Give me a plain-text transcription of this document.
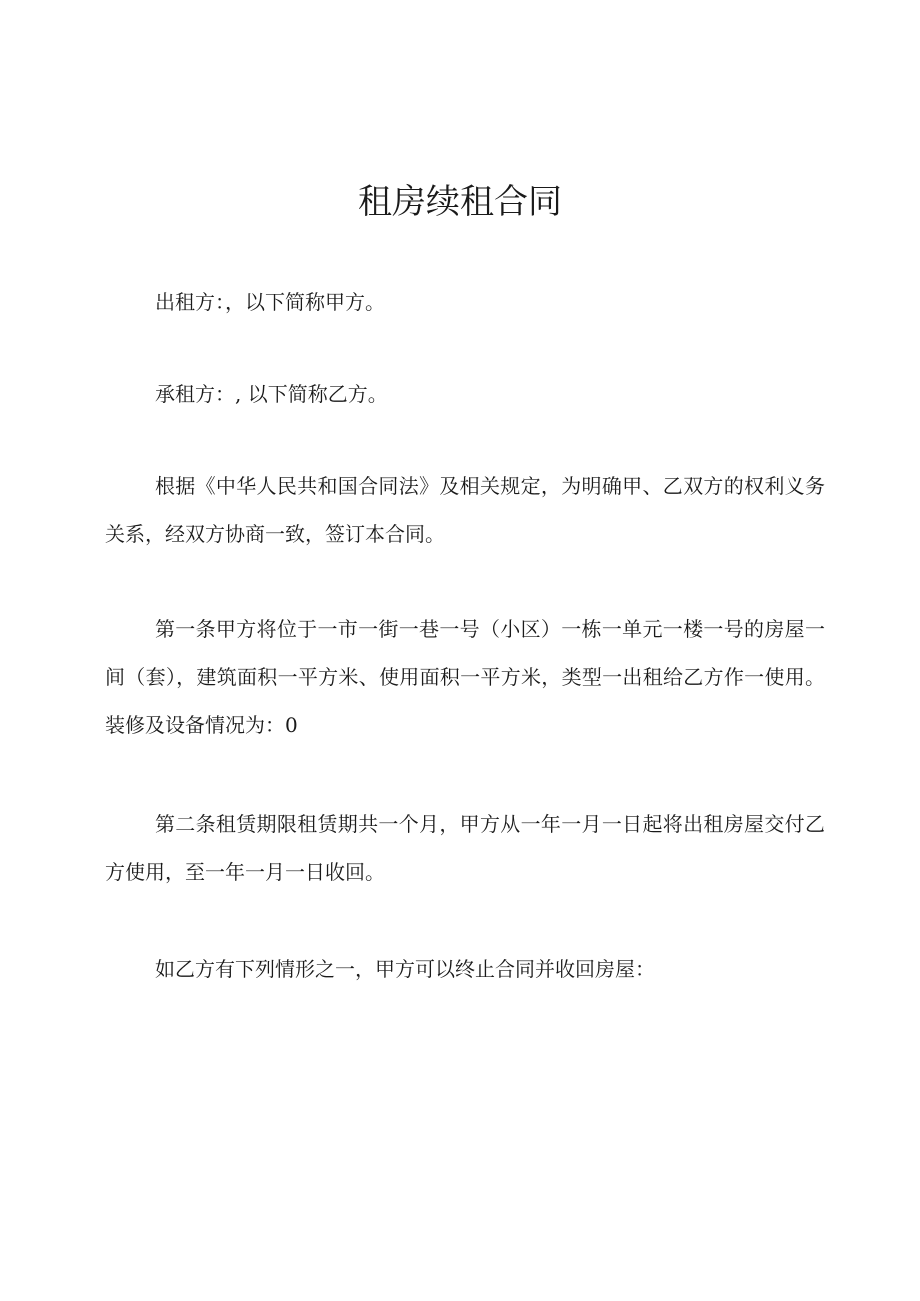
租房续租合同

出租方：，以下简称甲方。

承租方：, 以下简称乙方。

根据《中华人民共和国合同法》及相关规定，为明确甲、乙双方的权利义务关系，经双方协商一致，签订本合同。

第一条甲方将位于一市一街一巷一号（小区）一栋一单元一楼一号的房屋一间（套），建筑面积一平方米、使用面积一平方米，类型一出租给乙方作一使用。装修及设备情况为：0

第二条租赁期限租赁期共一个月，甲方从一年一月一日起将出租房屋交付乙方使用，至一年一月一日收回。

如乙方有下列情形之一，甲方可以终止合同并收回房屋：
